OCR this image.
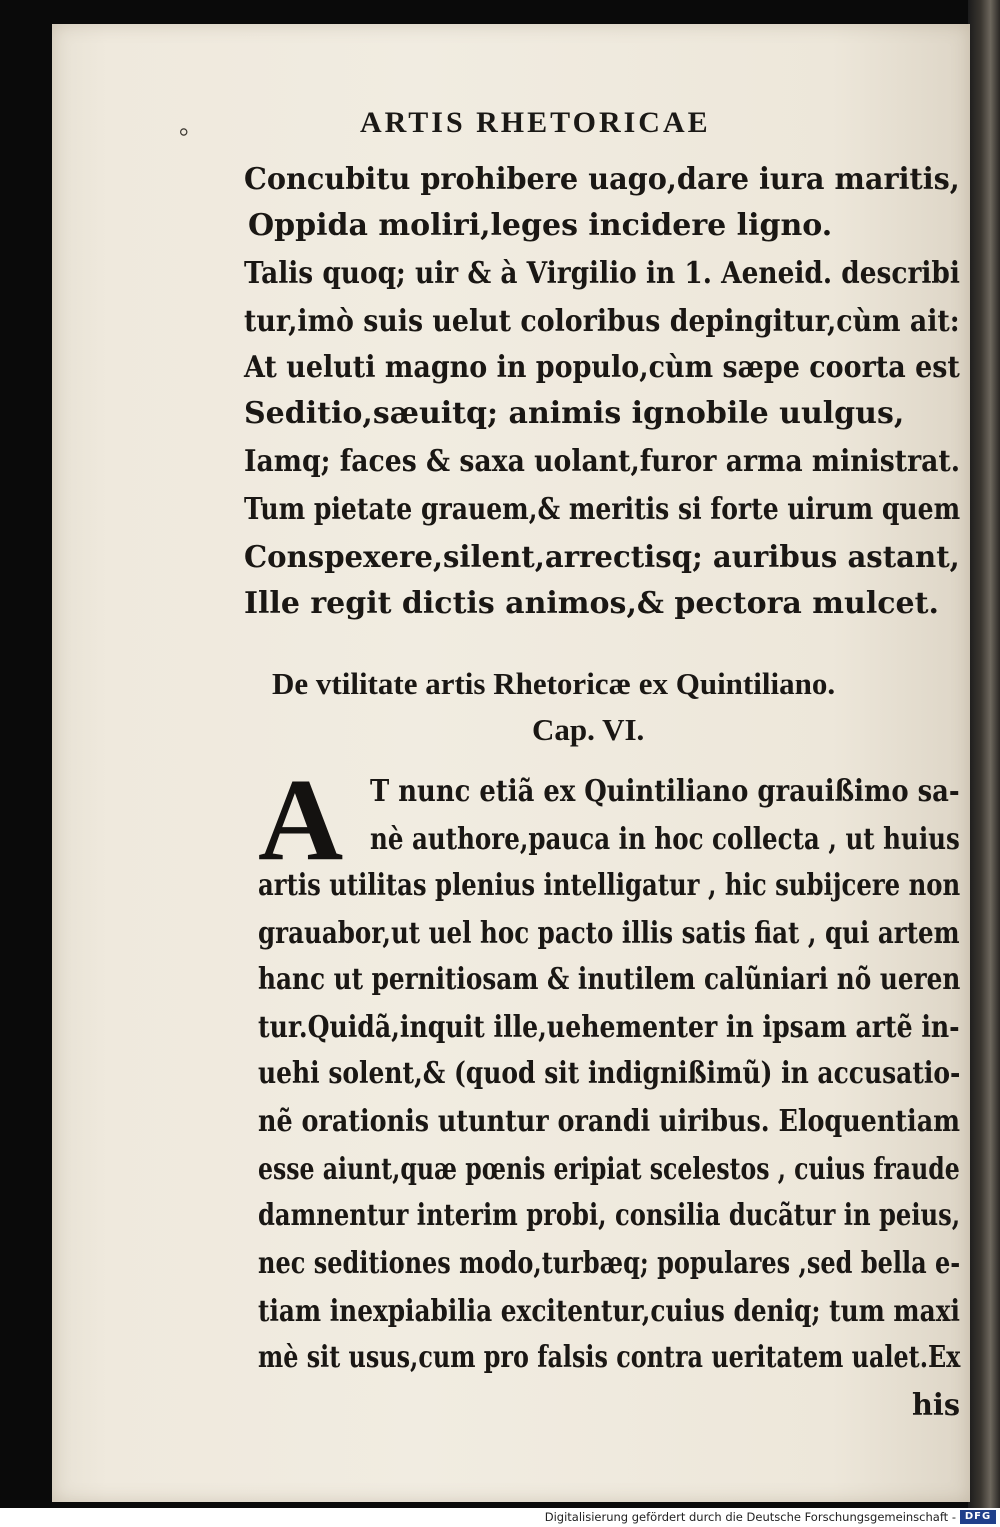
⸰	ARTIS RHETORICAE
Concubitu prohibere uago,dare iura maritis,
Oppida moliri,leges incidere ligno.
Talis quoq; uir & à Virgilio in 1. Aeneid. describi
tur,imò suis uelut coloribus depingitur,cùm ait:
At ueluti magno in populo,cùm sæpe coorta est
Seditio,sæuitq; animis ignobile uulgus,
Iamq; faces & saxa uolant,furor arma ministrat.
Tum pietate grauem,& meritis si forte uirum quem
Conspexere,silent,arrectisq; auribus astant,
Ille regit dictis animos,& pectora mulcet.
De vtilitate artis Rhetoricæ ex Quintiliano.
Cap. VI.
A T nunc etiã ex Quintiliano grauißimo sa-
nè authore,pauca in hoc collecta , ut huius
artis utilitas plenius intelligatur , hic subijcere non
grauabor,ut uel hoc pacto illis satis fiat , qui artem
hanc ut pernitiosam & inutilem calũniari nõ ueren
tur.Quidã,inquit ille,uehementer in ipsam artẽ in-
uehi solent,& (quod sit indignißimũ) in accusatio-
nẽ orationis utuntur orandi uiribus. Eloquentiam
esse aiunt,quæ pœnis eripiat scelestos , cuius fraude
damnentur interim probi, consilia ducãtur in peius,
nec seditiones modo,turbæq; populares ,sed bella e-
tiam inexpiabilia excitentur,cuius deniq; tum maxi
mè sit usus,cum pro falsis contra ueritatem ualet.Ex
his
Digitalisierung gefördert durch die Deutsche Forschungsgemeinschaft - DFG
